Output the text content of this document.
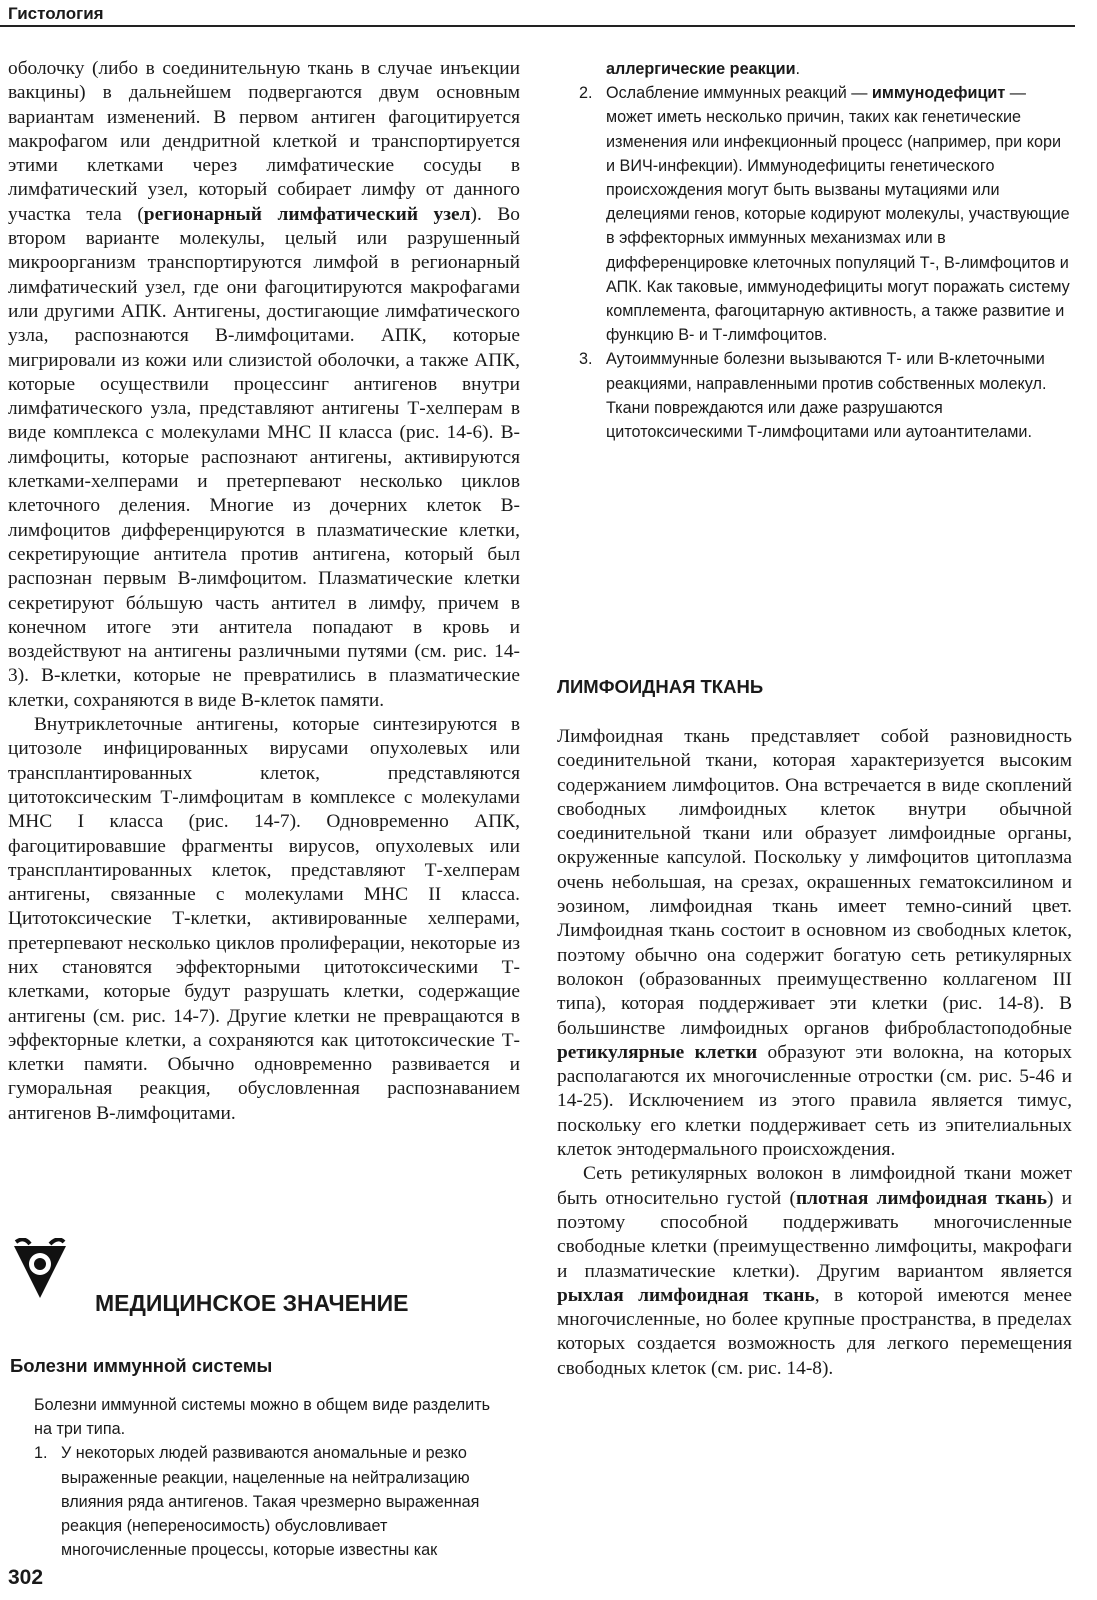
Гистология

оболочку (либо в соединительную ткань в случае инъекции вакцины) в дальнейшем подвергаются двум основным вариантам изменений. В первом антиген фагоцитируется макрофагом или дендритной клеткой и транспортируется этими клетками через лимфатические сосуды в лимфатический узел, который собирает лимфу от данного участка тела (регионарный лимфатический узел). Во втором варианте молекулы, целый или разрушенный микроорганизм транспортируются лимфой в регионарный лимфатический узел, где они фагоцитируются макрофагами или другими АПК. Антигены, достигающие лимфатического узла, распознаются В-лимфоцитами. АПК, которые мигрировали из кожи или слизистой оболочки, а также АПК, которые осуществили процессинг антигенов внутри лимфатического узла, представляют антигены Т-хелперам в виде комплекса с молекулами МНС II класса (рис. 14-6). В-лимфоциты, которые распознают антигены, активируются клетками-хелперами и претерпевают несколько циклов клеточного деления. Многие из дочерних клеток В-лимфоцитов дифференцируются в плазматические клетки, секретирующие антитела против антигена, который был распознан первым В-лимфоцитом. Плазматические клетки секретируют бóльшую часть антител в лимфу, причем в конечном итоге эти антитела попадают в кровь и воздействуют на антигены различными путями (см. рис. 14-3). В-клетки, которые не превратились в плазматические клетки, сохраняются в виде В-клеток памяти.

Внутриклеточные антигены, которые синтезируются в цитозоле инфицированных вирусами опухолевых или трансплантированных клеток, представляются цитотоксическим Т-лимфоцитам в комплексе с молекулами МНС I класса (рис. 14-7). Одновременно АПК, фагоцитировавшие фрагменты вирусов, опухолевых или трансплантированных клеток, представляют Т-хелперам антигены, связанные с молекулами МНС II класса. Цитотоксические Т-клетки, активированные хелперами, претерпевают несколько циклов пролиферации, некоторые из них становятся эффекторными цитотоксическими Т-клетками, которые будут разрушать клетки, содержащие антигены (см. рис. 14-7). Другие клетки не превращаются в эффекторные клетки, а сохраняются как цитотоксические Т-клетки памяти. Обычно одновременно развивается и гуморальная реакция, обусловленная распознаванием антигенов В-лимфоцитами.

МЕДИЦИНСКОЕ ЗНАЧЕНИЕ
Болезни иммунной системы

Болезни иммунной системы можно в общем виде разделить на три типа.

1. У некоторых людей развиваются аномальные и резко выраженные реакции, нацеленные на нейтрализацию влияния ряда антигенов. Такая чрезмерно выраженная реакция (непереносимость) обусловливает многочисленные процессы, которые известны как
аллергические реакции.
2. Ослабление иммунных реакций — иммунодефицит — может иметь несколько причин, таких как генетические изменения или инфекционный процесс (например, при кори и ВИЧ-инфекции). Иммунодефициты генетического происхождения могут быть вызваны мутациями или делециями генов, которые кодируют молекулы, участвующие в эффекторных иммунных механизмах или в дифференцировке клеточных популяций Т-, В-лимфоцитов и АПК. Как таковые, иммунодефициты могут поражать систему комплемента, фагоцитарную активность, а также развитие и функцию В- и Т-лимфоцитов.
3. Аутоиммунные болезни вызываются Т- или В-клеточными реакциями, направленными против собственных молекул. Ткани повреждаются или даже разрушаются цитотоксическими Т-лимфоцитами или аутоантителами.
ЛИМФОИДНАЯ ТКАНЬ

Лимфоидная ткань представляет собой разновидность соединительной ткани, которая характеризуется высоким содержанием лимфоцитов. Она встречается в виде скоплений свободных лимфоидных клеток внутри обычной соединительной ткани или образует лимфоидные органы, окруженные капсулой. Поскольку у лимфоцитов цитоплазма очень небольшая, на срезах, окрашенных гематоксилином и эозином, лимфоидная ткань имеет темно-синий цвет. Лимфоидная ткань состоит в основном из свободных клеток, поэтому обычно она содержит богатую сеть ретикулярных волокон (образованных преимущественно коллагеном III типа), которая поддерживает эти клетки (рис. 14-8). В большинстве лимфоидных органов фибробластоподобные ретикулярные клетки образуют эти волокна, на которых располагаются их многочисленные отростки (см. рис. 5-46 и 14-25). Исключением из этого правила является тимус, поскольку его клетки поддерживает сеть из эпителиальных клеток энтодермального происхождения.

Сеть ретикулярных волокон в лимфоидной ткани может быть относительно густой (плотная лимфоидная ткань) и поэтому способной поддерживать многочисленные свободные клетки (преимущественно лимфоциты, макрофаги и плазматические клетки). Другим вариантом является рыхлая лимфоидная ткань, в которой имеются менее многочисленные, но более крупные пространства, в пределах которых создается возможность для легкого перемещения свободных клеток (см. рис. 14-8).

302
